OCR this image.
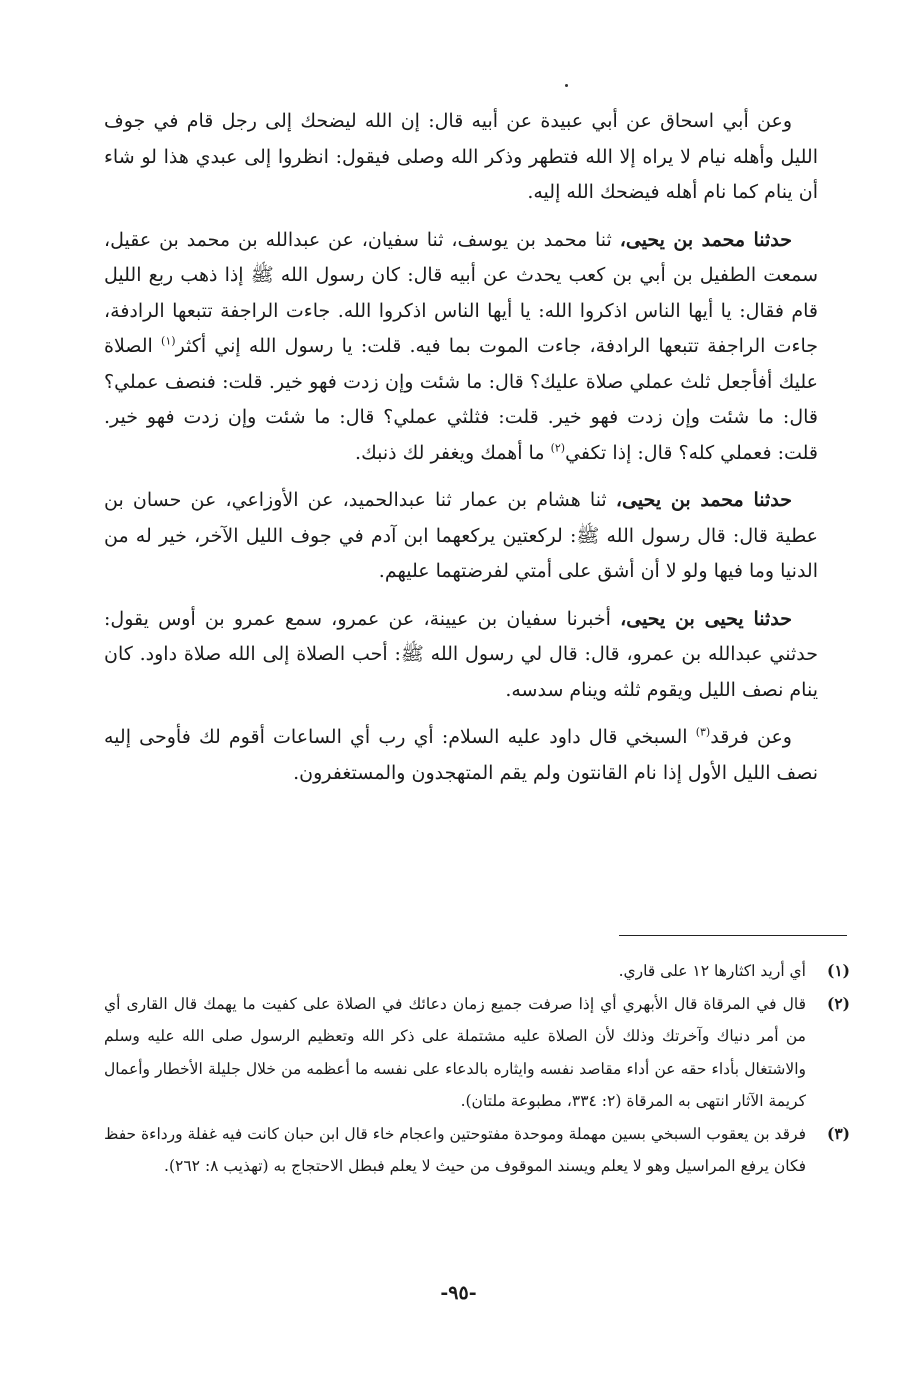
وعن أبي اسحاق عن أبي عبيدة عن أبيه قال: إن الله ليضحك إلى رجل قام في جوف الليل وأهله نيام لا يراه إلا الله فتطهر وذكر الله وصلى فيقول: انظروا إلى عبدي هذا لو شاء أن ينام كما نام أهله فيضحك الله إليه.

حدثنا محمد بن يحيى، ثنا محمد بن يوسف، ثنا سفيان، عن عبدالله بن محمد بن عقيل، سمعت الطفيل بن أبي بن كعب يحدث عن أبيه قال: كان رسول الله ﷺ إذا ذهب ربع الليل قام فقال: يا أيها الناس اذكروا الله: يا أيها الناس اذكروا الله. جاءت الراجفة تتبعها الرادفة، جاءت الراجفة تتبعها الرادفة، جاءت الموت بما فيه. قلت: يا رسول الله إني أكثر$^{(١)}$ الصلاة عليك أفأجعل ثلث عملي صلاة عليك؟ قال: ما شئت وإن زدت فهو خير. قلت: فنصف عملي؟ قال: ما شئت وإن زدت فهو خير. قلت: فثلثي عملي؟ قال: ما شئت وإن زدت فهو خير. قلت: فعملي كله؟ قال: إذا تكفي$^{(٢)}$ ما أهمك ويغفر لك ذنبك.

حدثنا محمد بن يحيى، ثنا هشام بن عمار ثنا عبدالحميد، عن الأوزاعي، عن حسان بن عطية قال: قال رسول الله ﷺ: لركعتين يركعهما ابن آدم في جوف الليل الآخر، خير له من الدنيا وما فيها ولو لا أن أشق على أمتي لفرضتهما عليهم.

حدثنا يحيى بن يحيى، أخبرنا سفيان بن عيينة، عن عمرو، سمع عمرو بن أوس يقول: حدثني عبدالله بن عمرو، قال: قال لي رسول الله ﷺ: أحب الصلاة إلى الله صلاة داود. كان ينام نصف الليل ويقوم ثلثه وينام سدسه.

وعن فرقد$^{(٣)}$ السبخي قال داود عليه السلام: أي رب أي الساعات أقوم لك فأوحى إليه نصف الليل الأول إذا نام القانتون ولم يقم المتهجدون والمستغفرون.

(١)
أي أريد اكثارها ١٢ على قاري.
(٢)
قال في المرقاة قال الأبهري أي إذا صرفت جميع زمان دعائك في الصلاة على كفيت ما يهمك قال القارى أي من أمر دنياك وآخرتك وذلك لأن الصلاة عليه مشتملة على ذكر الله وتعظيم الرسول صلى الله عليه وسلم والاشتغال بأداء حقه عن أداء مقاصد نفسه وايثاره بالدعاء على نفسه ما أعظمه من خلال جليلة الأخطار وأعمال كريمة الآثار انتهى به المرقاة (٢: ٣٣٤، مطبوعة ملتان).
(٣)
فرقد بن يعقوب السبخي بسين مهملة وموحدة مفتوحتين واعجام خاء قال ابن حبان كانت فيه غفلة ورداءة حفظ فكان يرفع المراسيل وهو لا يعلم ويسند الموقوف من حيث لا يعلم فبطل الاحتجاج به (تهذيب ٨: ٢٦٢).
-٩٥-
